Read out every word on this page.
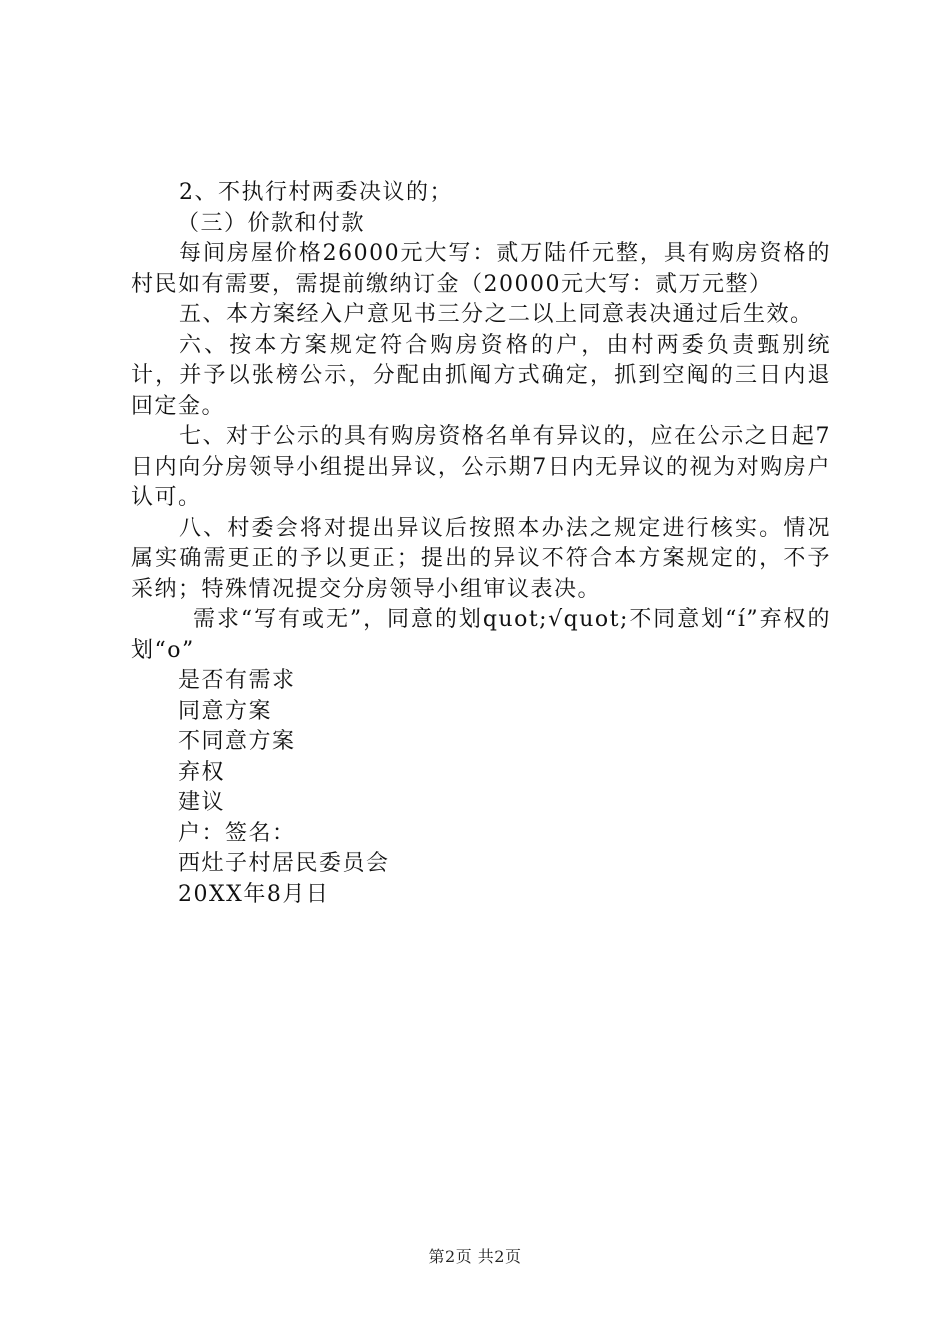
2、不执行村两委决议的；

（三）价款和付款

每间房屋价格26000元大写：贰万陆仟元整，具有购房资格的村民如有需要，需提前缴纳订金（20000元大写：贰万元整）

五、本方案经入户意见书三分之二以上同意表决通过后生效。

六、按本方案规定符合购房资格的户，由村两委负责甄别统计，并予以张榜公示，分配由抓阄方式确定，抓到空阄的三日内退回定金。

七、对于公示的具有购房资格名单有异议的，应在公示之日起7日内向分房领导小组提出异议，公示期7日内无异议的视为对购房户认可。

八、村委会将对提出异议后按照本办法之规定进行核实。情况属实确需更正的予以更正；提出的异议不符合本方案规定的，不予采纳；特殊情况提交分房领导小组审议表决。

需求“写有或无”，同意的划quot;√quot;不同意划“í”弃权的划“o”

是否有需求

同意方案

不同意方案

弃权

建议

户：签名：

西灶子村居民委员会

20XX年8月日

第2页 共2页
